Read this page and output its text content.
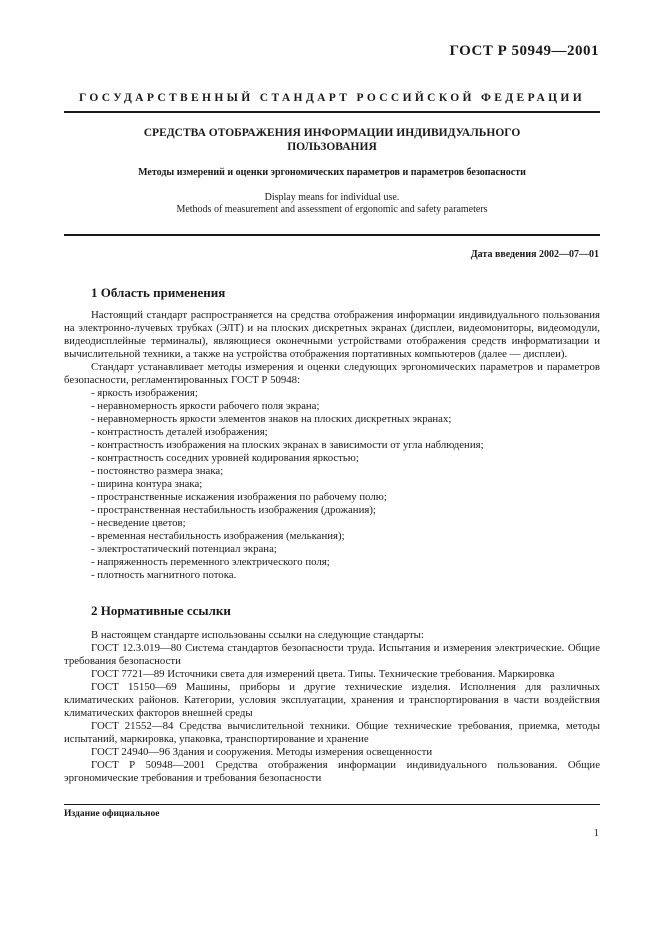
ГОСТ Р 50949—2001
ГОСУДАРСТВЕННЫЙ СТАНДАРТ РОССИЙСКОЙ ФЕДЕРАЦИИ
СРЕДСТВА ОТОБРАЖЕНИЯ ИНФОРМАЦИИ ИНДИВИДУАЛЬНОГО
ПОЛЬЗОВАНИЯ
Методы измерений и оценки эргономических параметров и параметров безопасности
Display means for individual use.
Methods of measurement and assessment of ergonomic and safety parameters
Дата введения 2002—07—01
1 Область применения

Настоящий стандарт распространяется на средства отображения информации индивидуального пользования на электронно-лучевых трубках (ЭЛТ) и на плоских дискретных экранах (дисплеи, видеомониторы, видеомодули, видеодисплейные терминалы), являющиеся оконечными устройствами отображения средств информатизации и вычислительной техники, а также на устройства отображения портативных компьютеров (далее — дисплеи).

Стандарт устанавливает методы измерения и оценки следующих эргономических параметров и параметров безопасности, регламентированных ГОСТ Р 50948:

- яркость изображения;

- неравномерность яркости рабочего поля экрана;

- неравномерность яркости элементов знаков на плоских дискретных экранах;

- контрастность деталей изображения;

- контрастность изображения на плоских экранах в зависимости от угла наблюдения;

- контрастность соседних уровней кодирования яркостью;

- постоянство размера знака;

- ширина контура знака;

- пространственные искажения изображения по рабочему полю;

- пространственная нестабильность изображения (дрожания);

- несведение цветов;

- временная нестабильность изображения (мелькания);

- электростатический потенциал экрана;

- напряженность переменного электрического поля;

- плотность магнитного потока.

2 Нормативные ссылки

В настоящем стандарте использованы ссылки на следующие стандарты:

ГОСТ 12.3.019—80 Система стандартов безопасности труда. Испытания и измерения электрические. Общие требования безопасности

ГОСТ 7721—89 Источники света для измерений цвета. Типы. Технические требования. Маркировка

ГОСТ 15150—69 Машины, приборы и другие технические изделия. Исполнения для различных климатических районов. Категории, условия эксплуатации, хранения и транспортирования в части воздействия климатических факторов внешней среды

ГОСТ 21552—84 Средства вычислительной техники. Общие технические требования, приемка, методы испытаний, маркировка, упаковка, транспортирование и хранение

ГОСТ 24940—96 Здания и сооружения. Методы измерения освещенности

ГОСТ Р 50948—2001 Средства отображения информации индивидуального пользования. Общие эргономические требования и требования безопасности

Издание официальное
1
